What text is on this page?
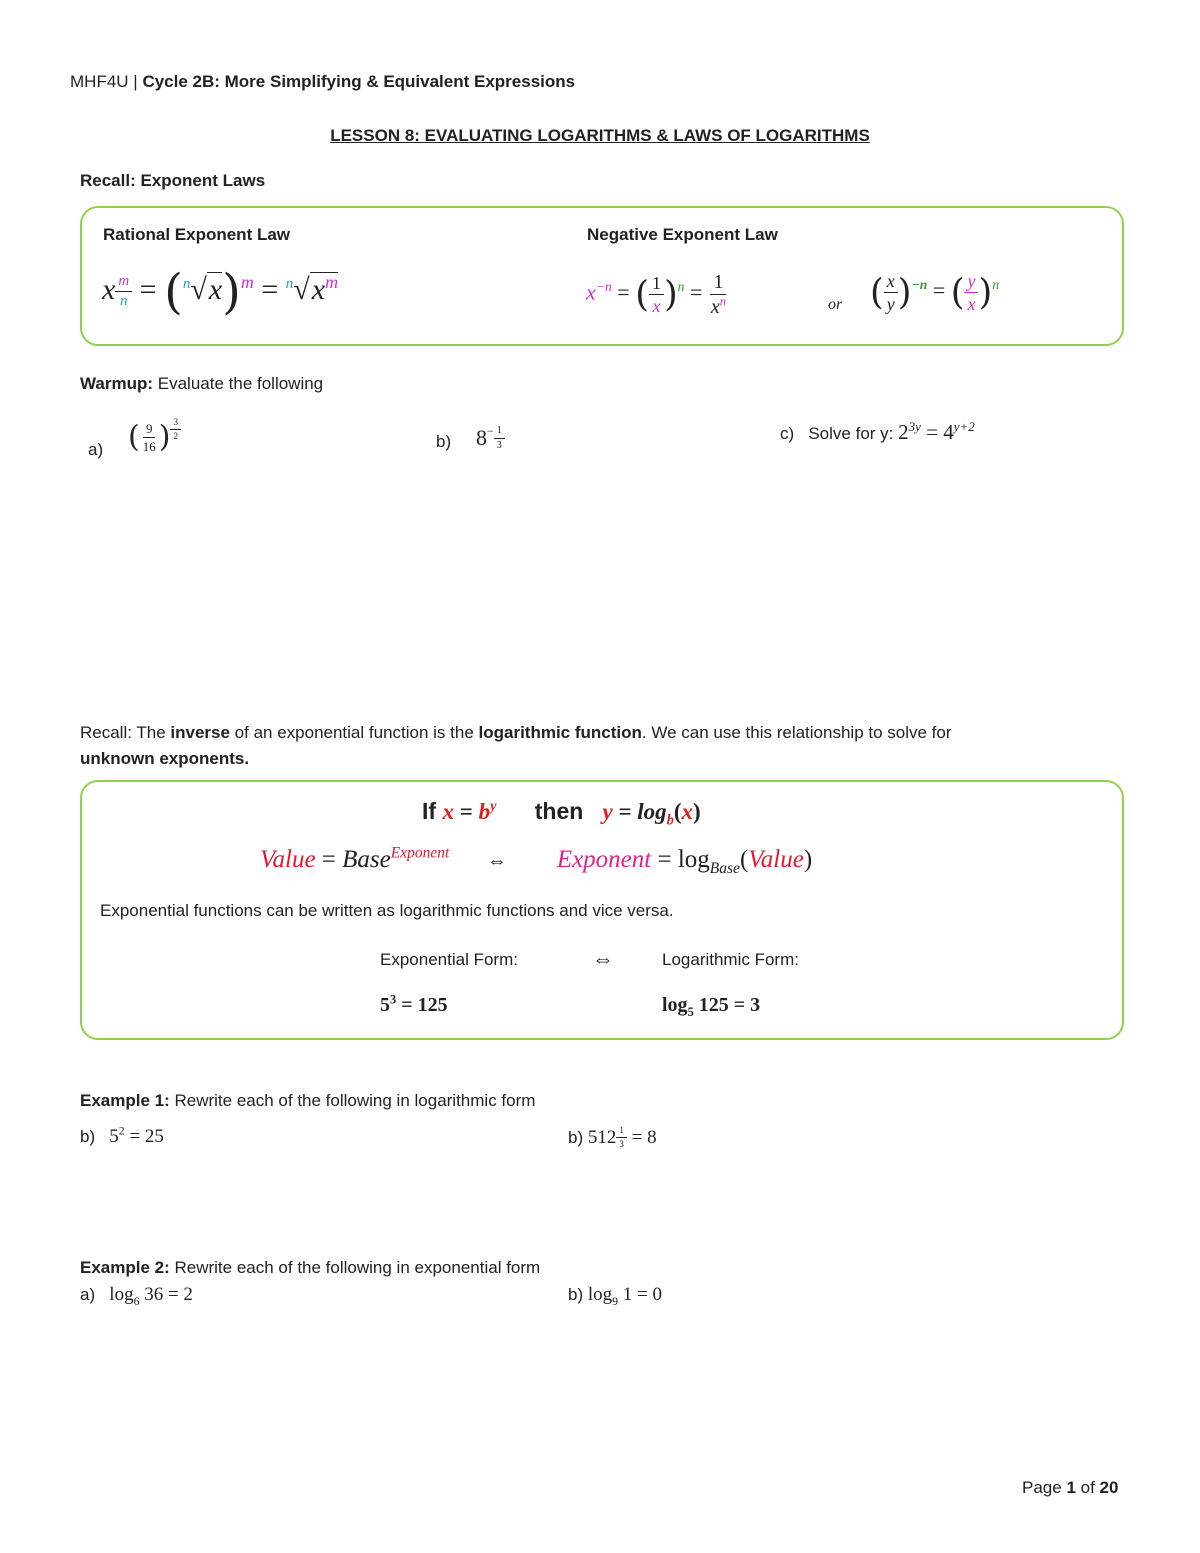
MHF4U | Cycle 2B: More Simplifying & Equivalent Expressions
LESSON 8: EVALUATING LOGARITHMS & LAWS OF LOGARITHMS
Recall: Exponent Laws
Rational Exponent Law	Negative Exponent Law
x $\frac{m}{n} = (^n√x)^m = ^n√x^m$	$x^{-n}$ = ( $\frac{1}{x} )^n = \frac{1}{x^n}$	or ( $\frac{x}{y} )^{-n}$ = ( $\frac{y}{x} )^n$
Warmup: Evaluate the following
a) ( $\frac{9}{16}$ ) $\frac{3}{2}$
b) $8^- \frac{1}{3}$	c) Solve for y: $2^{3y} = 4^{y+2}$
Recall: The inverse of an exponential function is the logarithmic function. We can use this relationship to solve for
unknown exponents.
If $x = b^y$ then $y = \log_b(x)$
Value = Base$^{Exponent}$ ⇔ Exponent = $\log_{Base}(Value)$
Exponential functions can be written as logarithmic functions and vice versa.
Exponential Form:	⇔	Logarithmic Form:
$5^3 = 125$	$\log_5 125 = 3$
Example 1: Rewrite each of the following in logarithmic form
b) $5^2 = 25$	b) $512 \frac{1}{3} = 8$
Example 2: Rewrite each of the following in exponential form
a) $\log_6 36 = 2$	b) $\log_9 1 = 0$
Page 1 of 20
